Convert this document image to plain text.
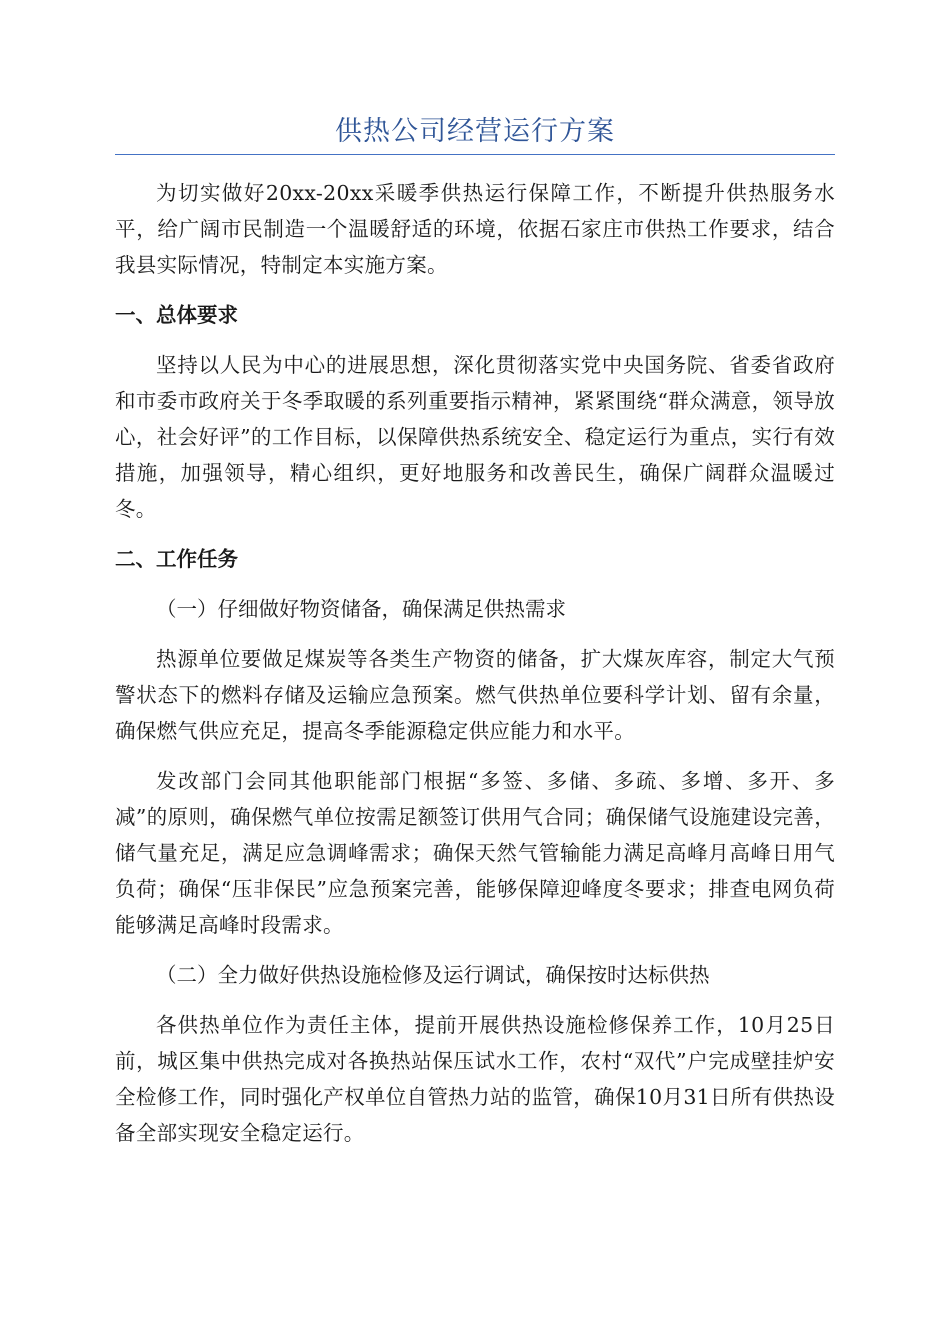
供热公司经营运行方案

为切实做好20xx-20xx采暖季供热运行保障工作，不断提升供热服务水平，给广阔市民制造一个温暖舒适的环境，依据石家庄市供热工作要求，结合我县实际情况，特制定本实施方案。

一、总体要求

坚持以人民为中心的进展思想，深化贯彻落实党中央国务院、省委省政府和市委市政府关于冬季取暖的系列重要指示精神，紧紧围绕“群众满意，领导放心，社会好评”的工作目标，以保障供热系统安全、稳定运行为重点，实行有效措施，加强领导，精心组织，更好地服务和改善民生，确保广阔群众温暖过冬。

二、工作任务

（一）仔细做好物资储备，确保满足供热需求

热源单位要做足煤炭等各类生产物资的储备，扩大煤灰库容，制定大气预警状态下的燃料存储及运输应急预案。燃气供热单位要科学计划、留有余量，确保燃气供应充足，提高冬季能源稳定供应能力和水平。

发改部门会同其他职能部门根据“多签、多储、多疏、多增、多开、多减”的原则，确保燃气单位按需足额签订供用气合同；确保储气设施建设完善，储气量充足，满足应急调峰需求；确保天然气管输能力满足高峰月高峰日用气负荷；确保“压非保民”应急预案完善，能够保障迎峰度冬要求；排查电网负荷能够满足高峰时段需求。

（二）全力做好供热设施检修及运行调试，确保按时达标供热

各供热单位作为责任主体，提前开展供热设施检修保养工作，10月25日前，城区集中供热完成对各换热站保压试水工作，农村“双代”户完成壁挂炉安全检修工作，同时强化产权单位自管热力站的监管，确保10月31日所有供热设备全部实现安全稳定运行。
